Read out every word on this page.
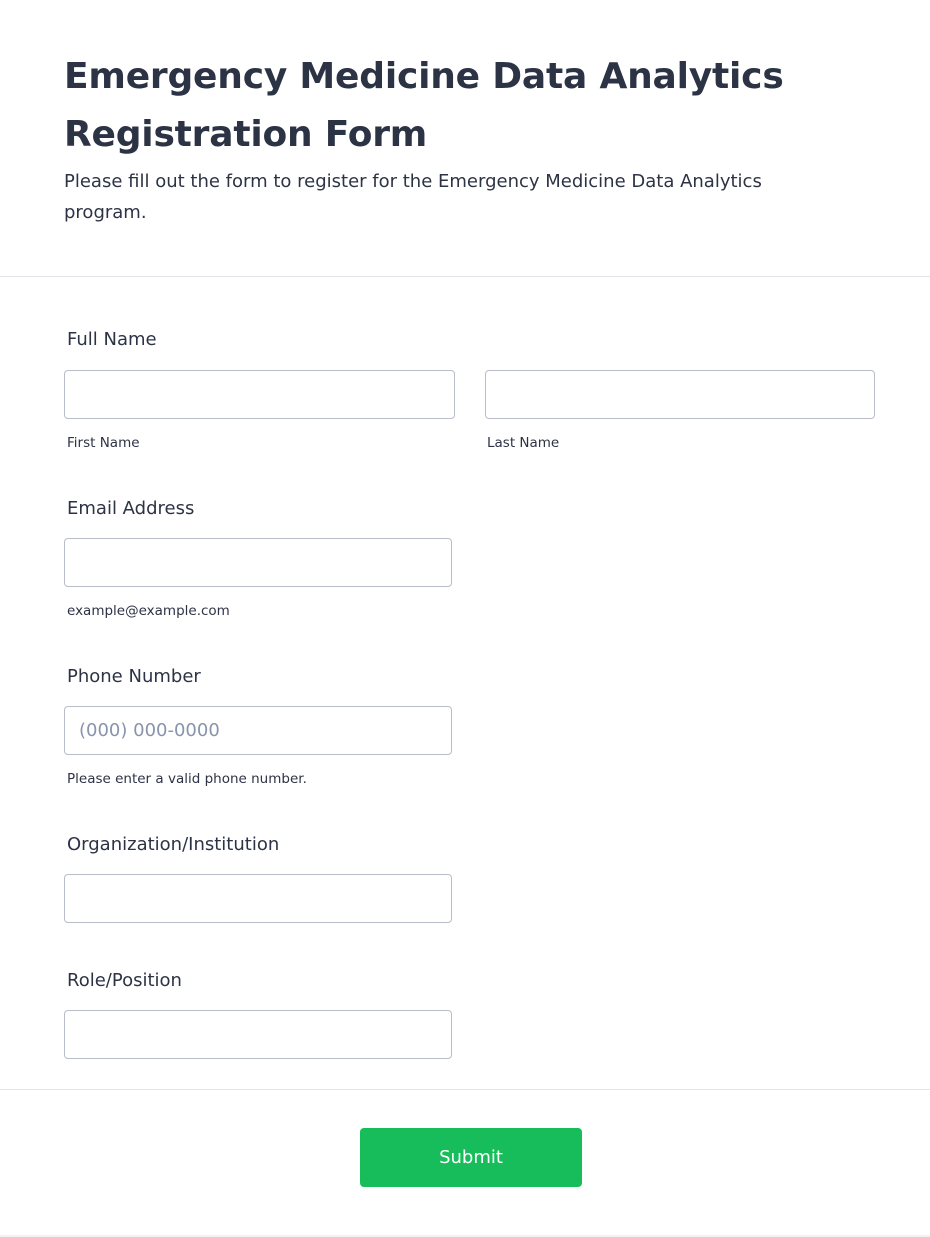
Emergency Medicine Data Analytics
Registration Form

Please fill out the form to register for the Emergency Medicine Data Analytics program.

Full Name
First Name	Last Name
Email Address
example@example.com
Phone Number
(000) 000-0000
Please enter a valid phone number.
Organization/Institution
Role/Position
Submit
